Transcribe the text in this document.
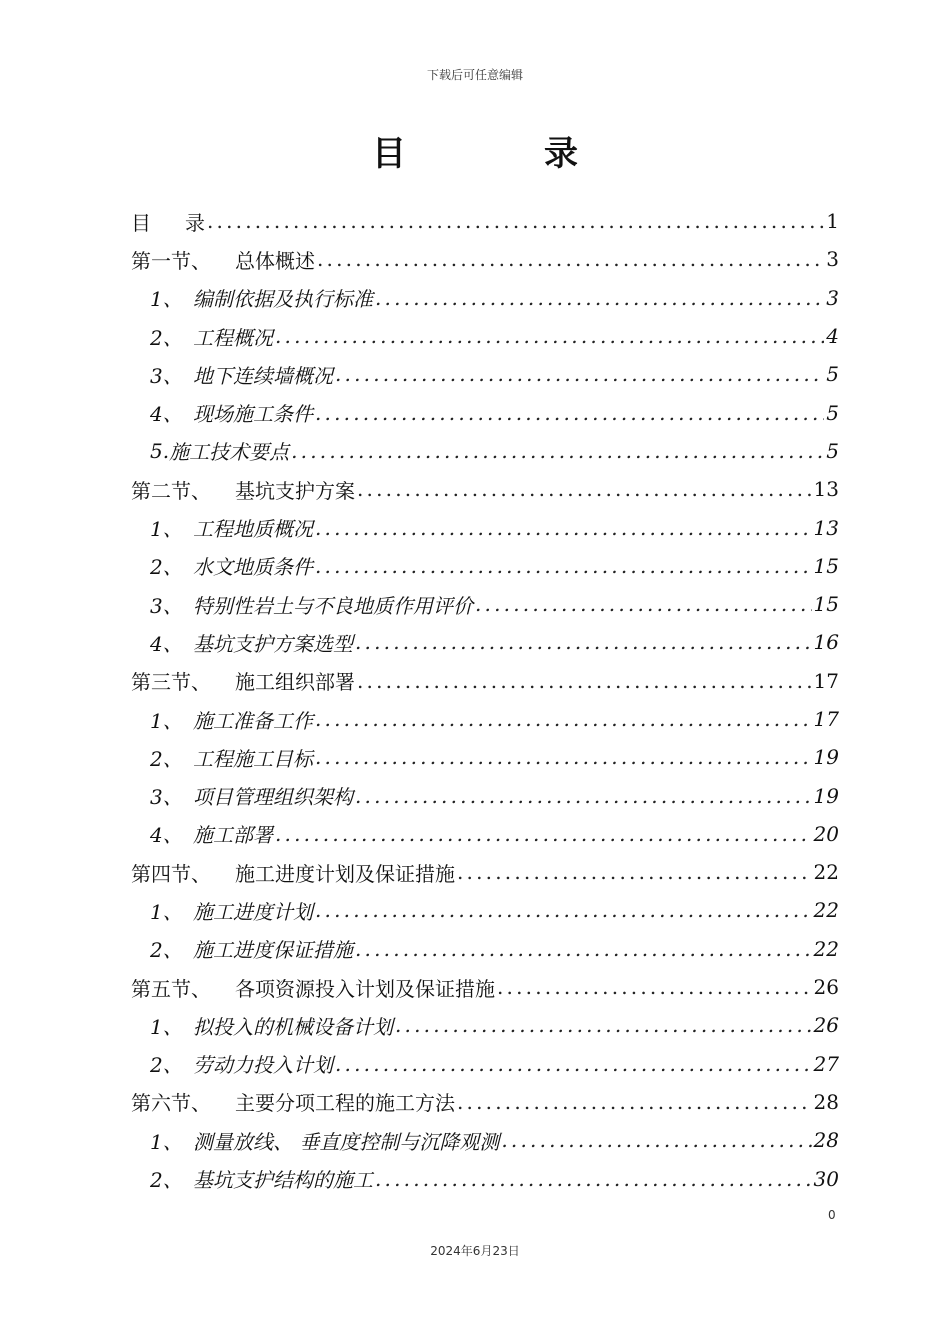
下载后可任意编辑
目　录
目 录 .....	1
第一节、	总体概述 .....	3
1、 编制依据及执行标准 .....	3
2、 工程概况 .....	4
3、 地下连续墙概况 .....	5
4、 现场施工条件 .....	5
5. 施工技术要点 .....	5
第二节、	基坑支护方案 .....	13
1、 工程地质概况 .....	13
2、 水文地质条件 .....	15
3、 特别性岩土与不良地质作用评价 .....	15
4、 基坑支护方案选型 .....	16
第三节、	施工组织部署 .....	17
1、 施工准备工作 .....	17
2、 工程施工目标 .....	19
3、 项目管理组织架构 .....	19
4、 施工部署 .....	20
第四节、	施工进度计划及保证措施 .....	22
1、 施工进度计划 .....	22
2、 施工进度保证措施 .....	22
第五节、	各项资源投入计划及保证措施 .....	26
1、 拟投入的机械设备计划 .....	26
2、 劳动力投入计划 .....	27
第六节、	主要分项工程的施工方法 .....	28
1、 测量放线、 垂直度控制与沉降观测 .....	28
2、 基坑支护结构的施工 .....	30
0
2024年6月23日
